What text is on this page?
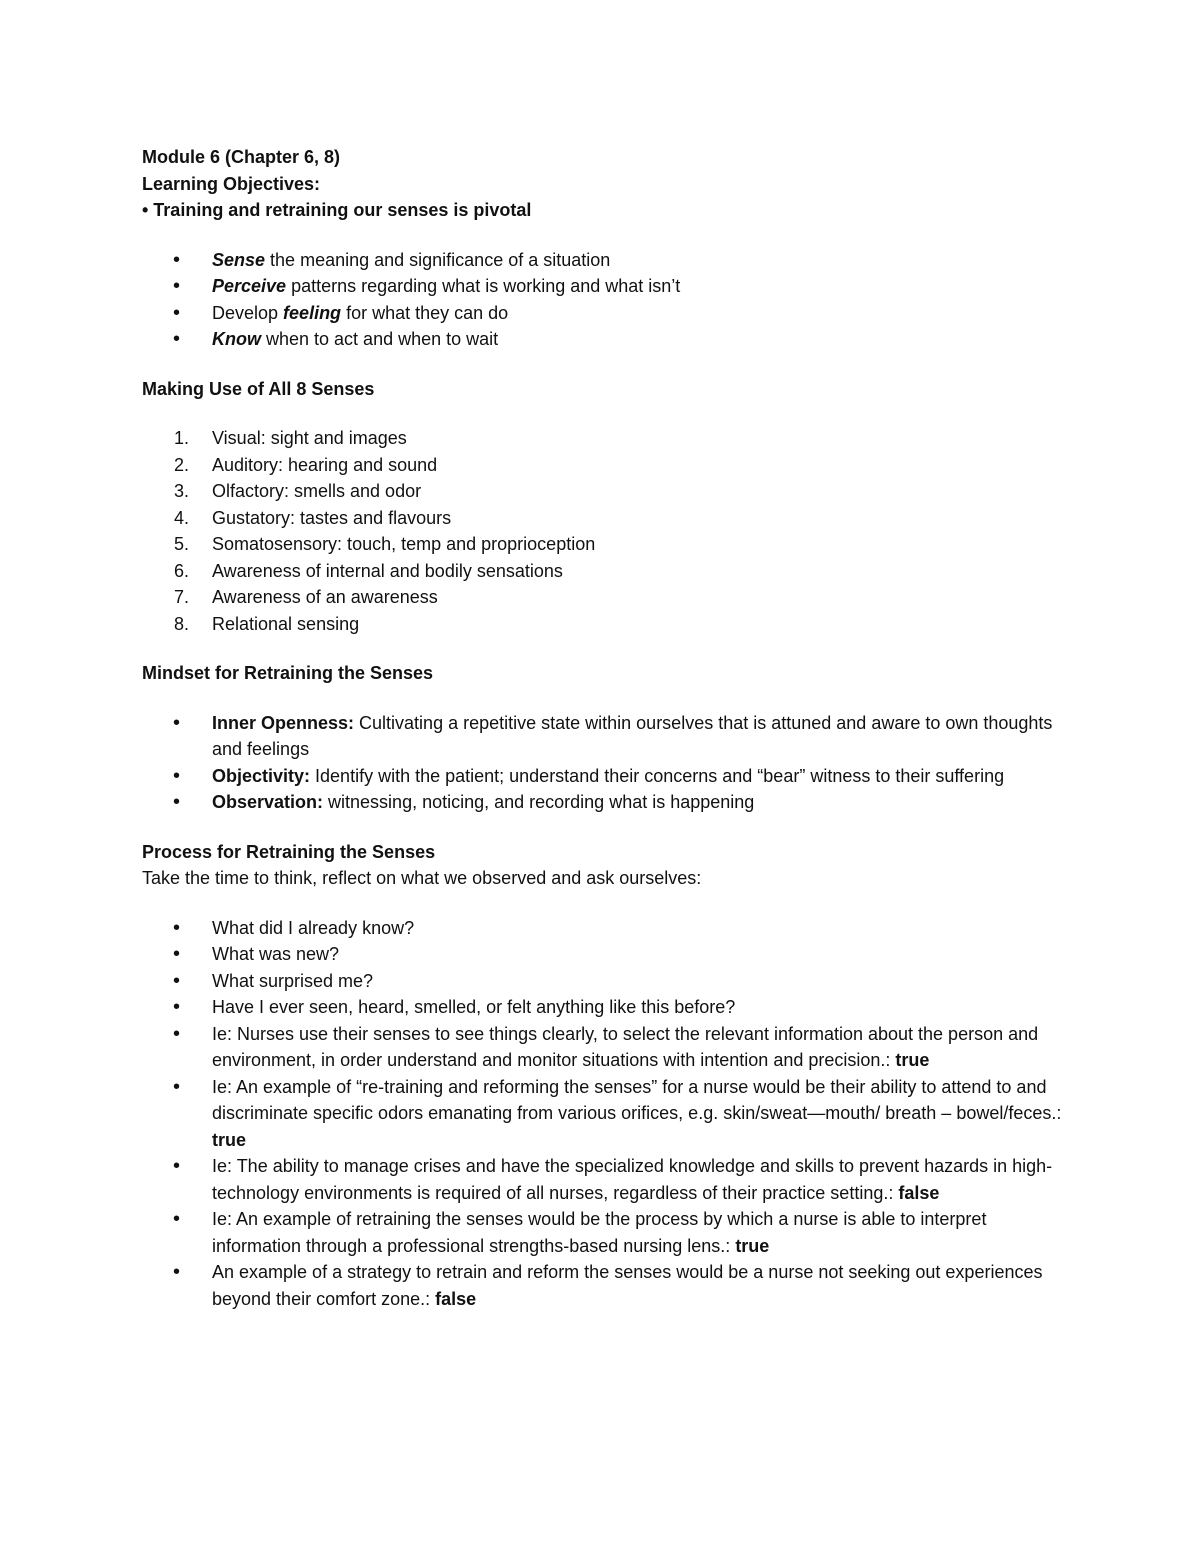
Module 6 (Chapter 6, 8)

Learning Objectives:

• Training and retraining our senses is pivotal

• Sense the meaning and significance of a situation
• Perceive patterns regarding what is working and what isn’t
• Develop feeling for what they can do
• Know when to act and when to wait

Making Use of All 8 Senses

1. Visual: sight and images
2. Auditory: hearing and sound
3. Olfactory: smells and odor
4. Gustatory: tastes and flavours
5. Somatosensory: touch, temp and proprioception
6. Awareness of internal and bodily sensations
7. Awareness of an awareness
8. Relational sensing

Mindset for Retraining the Senses

• Inner Openness: Cultivating a repetitive state within ourselves that is attuned and aware to own thoughts and feelings
• Objectivity: Identify with the patient; understand their concerns and “bear” witness to their suffering
• Observation: witnessing, noticing, and recording what is happening

Process for Retraining the Senses

Take the time to think, reflect on what we observed and ask ourselves:

• What did I already know?
• What was new?
• What surprised me?
• Have I ever seen, heard, smelled, or felt anything like this before?
• Ie: Nurses use their senses to see things clearly, to select the relevant information about the person and environment, in order understand and monitor situations with intention and precision.: true
• Ie: An example of “re-training and reforming the senses” for a nurse would be their ability to attend to and discriminate specific odors emanating from various orifices, e.g. skin/sweat—mouth/ breath – bowel/feces.: true
• Ie: The ability to manage crises and have the specialized knowledge and skills to prevent hazards in high-technology environments is required of all nurses, regardless of their practice setting.: false
• Ie: An example of retraining the senses would be the process by which a nurse is able to interpret information through a professional strengths-based nursing lens.: true
• An example of a strategy to retrain and reform the senses would be a nurse not seeking out experiences beyond their comfort zone.: false
